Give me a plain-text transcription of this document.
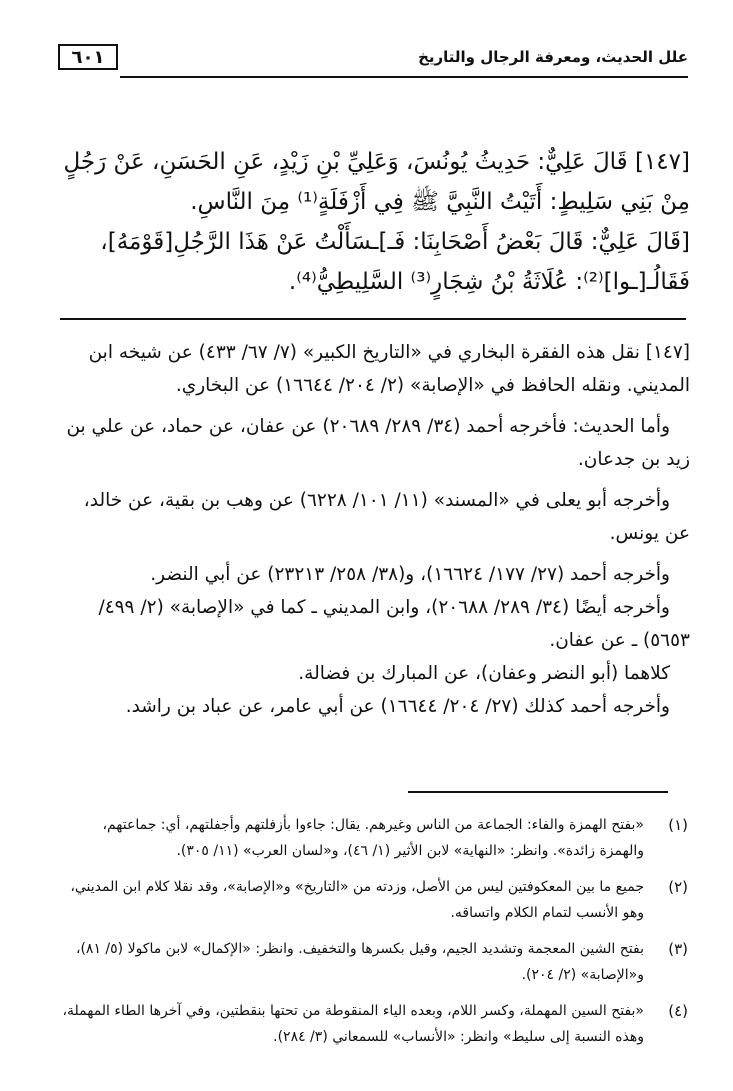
٦٠١	علل الحديث، ومعرفة الرجال والتاريخ

[١٤٧] قَالَ عَلِيٌّ: حَدِيثُ يُونُسَ، وَعَلِيِّ بْنِ زَيْدٍ، عَنِ الحَسَنِ، عَنْ رَجُلٍ مِنْ بَنِي سَلِيطٍ: أَتَيْتُ النَّبِيَّ ﷺ فِي أَزْفَلَةٍ⁽¹⁾ مِنَ النَّاسِ.

[قَالَ عَلِيٌّ: قَالَ بَعْضُ أَصْحَابِنَا: فَـ]ـسَأَلْتُ عَنْ هَذَا الرَّجُلِ[قَوْمَهُ]، فَقَالُـ[ـوا]⁽²⁾: عُلَاثَةُ بْنُ شِجَارٍ⁽³⁾ السَّلِيطِيُّ⁽⁴⁾.

[١٤٧] نقل هذه الفقرة البخاري في «التاريخ الكبير» (٧/ ٦٧/ ٤٣٣) عن شيخه ابن المديني. ونقله الحافظ في «الإصابة» (٢/ ٢٠٤/ ١٦٦٤٤) عن البخاري.

وأما الحديث: فأخرجه أحمد (٣٤/ ٢٨٩/ ٢٠٦٨٩) عن عفان، عن حماد، عن علي بن زيد بن جدعان.

وأخرجه أبو يعلى في «المسند» (١١/ ١٠١/ ٦٢٢٨) عن وهب بن بقية، عن خالد، عن يونس.

وأخرجه أحمد (٢٧/ ١٧٧/ ١٦٦٢٤)، و(٣٨/ ٢٥٨/ ٢٣٢١٣) عن أبي النضر.

وأخرجه أيضًا (٣٤/ ٢٨٩/ ٢٠٦٨٨)، وابن المديني ـ كما في «الإصابة» (٢/ ٤٩٩/ ٥٦٥٣) ـ عن عفان.

كلاهما (أبو النضر وعفان)، عن المبارك بن فضالة.

وأخرجه أحمد كذلك (٢٧/ ٢٠٤/ ١٦٦٤٤) عن أبي عامر، عن عباد بن راشد.

(١)
«بفتح الهمزة والفاء: الجماعة من الناس وغيرهم. يقال: جاءوا بأزفلتهم وأجفلتهم، أي: جماعتهم، والهمزة زائدة». وانظر: «النهاية» لابن الأثير (١/ ٤٦)، و«لسان العرب» (١١/ ٣٠٥).
(٢)
جميع ما بين المعكوفتين ليس من الأصل، وزدته من «التاريخ» و«الإصابة»، وقد نقلا كلام ابن المديني، وهو الأنسب لتمام الكلام واتساقه.
(٣)
بفتح الشين المعجمة وتشديد الجيم، وقيل بكسرها والتخفيف. وانظر: «الإكمال» لابن ماكولا (٥/ ٨١)، و«الإصابة» (٢/ ٢٠٤).
(٤)
«بفتح السين المهملة، وكسر اللام، وبعده الياء المنقوطة من تحتها بنقطتين، وفي آخرها الطاء المهملة، وهذه النسبة إلى سليط» وانظر: «الأنساب» للسمعاني (٣/ ٢٨٤).
